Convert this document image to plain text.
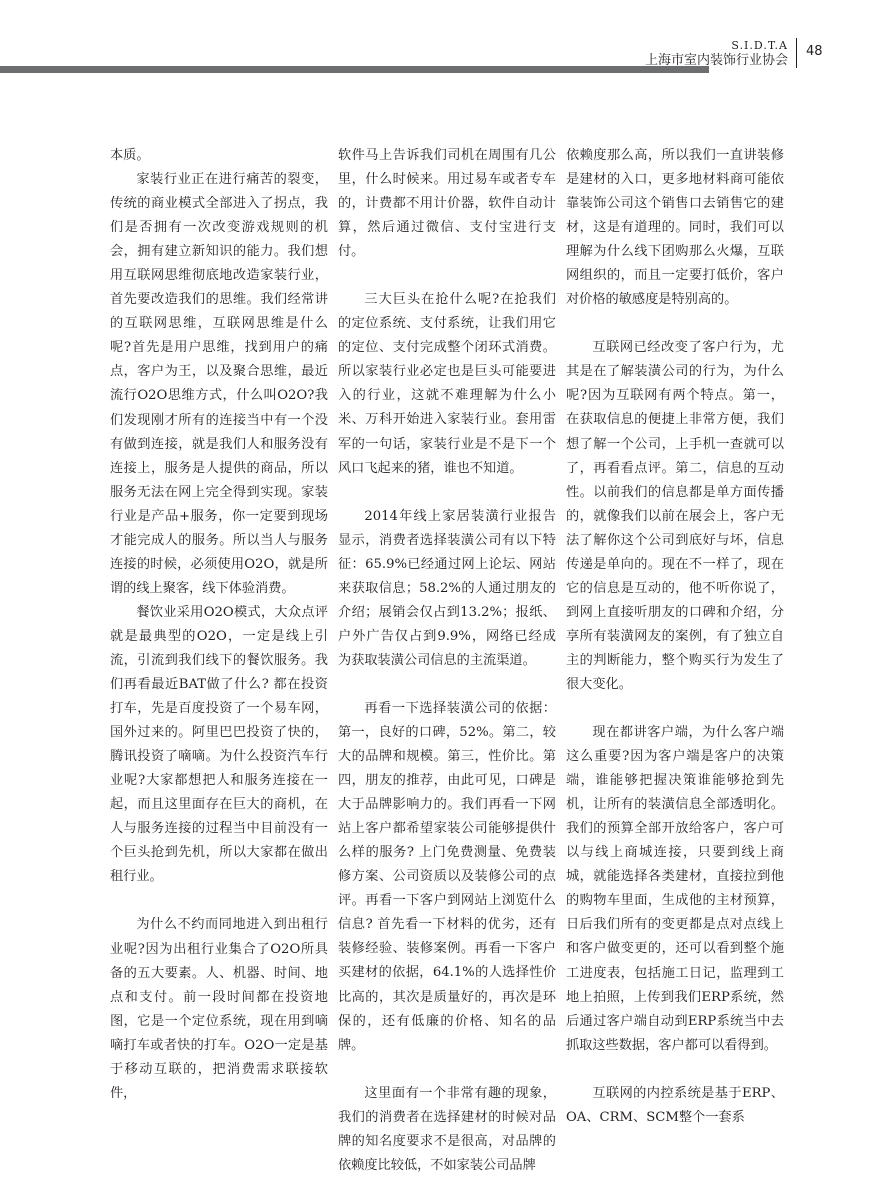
S.I.D.T.A
上海市室内装饰行业协会
48

本质。

家装行业正在进行痛苦的裂变，传统的商业模式全部进入了拐点，我们是否拥有一次改变游戏规则的机会，拥有建立新知识的能力。我们想用互联网思维彻底地改造家装行业，首先要改造我们的思维。我们经常讲的互联网思维，互联网思维是什么呢?首先是用户思维，找到用户的痛点，客户为王，以及聚合思维，最近流行O2O思维方式，什么叫O2O?我们发现刚才所有的连接当中有一个没有做到连接，就是我们人和服务没有连接上，服务是人提供的商品，所以服务无法在网上完全得到实现。家装行业是产品+服务，你一定要到现场才能完成人的服务。所以当人与服务连接的时候，必须使用O2O，就是所谓的线上聚客，线下体验消费。

餐饮业采用O2O模式，大众点评就是最典型的O2O，一定是线上引流，引流到我们线下的餐饮服务。我们再看最近BAT做了什么? 都在投资打车，先是百度投资了一个易车网，国外过来的。阿里巴巴投资了快的，腾讯投资了嘀嘀。为什么投资汽车行业呢?大家都想把人和服务连接在一起，而且这里面存在巨大的商机，在人与服务连接的过程当中目前没有一个巨头抢到先机，所以大家都在做出租行业。

为什么不约而同地进入到出租行业呢?因为出租行业集合了O2O所具备的五大要素。人、机器、时间、地点和支付。前一段时间都在投资地图，它是一个定位系统，现在用到嘀嘀打车或者快的打车。O2O一定是基于移动互联的，把消费需求联接软件，

软件马上告诉我们司机在周围有几公里，什么时候来。用过易车或者专车的，计费都不用计价器，软件自动计算，然后通过微信、支付宝进行支付。

三大巨头在抢什么呢?在抢我们的定位系统、支付系统，让我们用它的定位、支付完成整个闭环式消费。所以家装行业必定也是巨头可能要进入的行业，这就不难理解为什么小米、万科开始进入家装行业。套用雷军的一句话，家装行业是不是下一个风口飞起来的猪，谁也不知道。

2014年线上家居装潢行业报告显示，消费者选择装潢公司有以下特征：65.9%已经通过网上论坛、网站来获取信息；58.2%的人通过朋友的介绍；展销会仅占到13.2%；报纸、户外广告仅占到9.9%，网络已经成为获取装潢公司信息的主流渠道。

再看一下选择装潢公司的依据：第一，良好的口碑，52%。第二，较大的品牌和规模。第三，性价比。第四，朋友的推荐，由此可见，口碑是大于品牌影响力的。我们再看一下网站上客户都希望家装公司能够提供什么样的服务? 上门免费测量、免费装修方案、公司资质以及装修公司的点评。再看一下客户到网站上浏览什么信息? 首先看一下材料的优劣，还有装修经验、装修案例。再看一下客户买建材的依据，64.1%的人选择性价比高的，其次是质量好的，再次是环保的，还有低廉的价格、知名的品牌。

这里面有一个非常有趣的现象，我们的消费者在选择建材的时候对品牌的知名度要求不是很高，对品牌的依赖度比较低，不如家装公司品牌

依赖度那么高，所以我们一直讲装修是建材的入口，更多地材料商可能依靠装饰公司这个销售口去销售它的建材，这是有道理的。同时，我们可以理解为什么线下团购那么火爆，互联网组织的，而且一定要打低价，客户对价格的敏感度是特别高的。

互联网已经改变了客户行为，尤其是在了解装潢公司的行为，为什么呢?因为互联网有两个特点。第一，在获取信息的便捷上非常方便，我们想了解一个公司，上手机一查就可以了，再看看点评。第二，信息的互动性。以前我们的信息都是单方面传播的，就像我们以前在展会上，客户无法了解你这个公司到底好与坏，信息传递是单向的。现在不一样了，现在它的信息是互动的，他不听你说了，到网上直接听朋友的口碑和介绍，分享所有装潢网友的案例，有了独立自主的判断能力，整个购买行为发生了很大变化。

现在都讲客户端，为什么客户端这么重要?因为客户端是客户的决策端，谁能够把握决策谁能够抢到先机，让所有的装潢信息全部透明化。我们的预算全部开放给客户，客户可以与线上商城连接，只要到线上商城，就能选择各类建材，直接拉到他的购物车里面，生成他的主材预算，日后我们所有的变更都是点对点线上和客户做变更的，还可以看到整个施工进度表，包括施工日记，监理到工地上拍照，上传到我们ERP系统，然后通过客户端自动到ERP系统当中去抓取这些数据，客户都可以看得到。

互联网的内控系统是基于ERP、OA、CRM、SCM整个一套系
